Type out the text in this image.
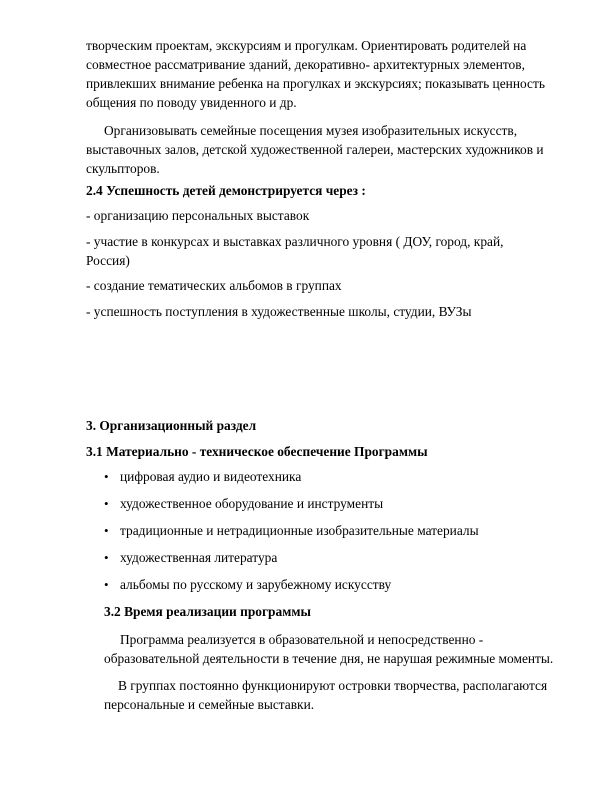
творческим проектам, экскурсиям и прогулкам. Ориентировать родителей на

совместное рассматривание зданий, декоративно- архитектурных элементов,

привлекших внимание ребенка на прогулках и экскурсиях; показывать ценность

общения по поводу увиденного и др.

Организовывать семейные посещения музея изобразительных искусств,

выставочных залов, детской художественной галереи, мастерских художников и

скульпторов.

2.4 Успешность детей демонстрируется через :

- организацию персональных выставок

- участие в конкурсах и выставках различного уровня ( ДОУ, город, край,

Россия)

- создание тематических альбомов в группах

- успешность поступления в художественные школы, студии, ВУЗы

3. Организационный раздел

3.1 Материально - техническое обеспечение Программы

• цифровая аудио и видеотехника

• художественное оборудование и инструменты

• традиционные и нетрадиционные изобразительные материалы

• художественная литература

• альбомы по русскому и зарубежному искусству

3.2 Время реализации программы

Программа реализуется в образовательной и непосредственно -

образовательной деятельности в течение дня, не нарушая режимные моменты.

В группах постоянно функционируют островки творчества, располагаются

персональные и семейные выставки.
